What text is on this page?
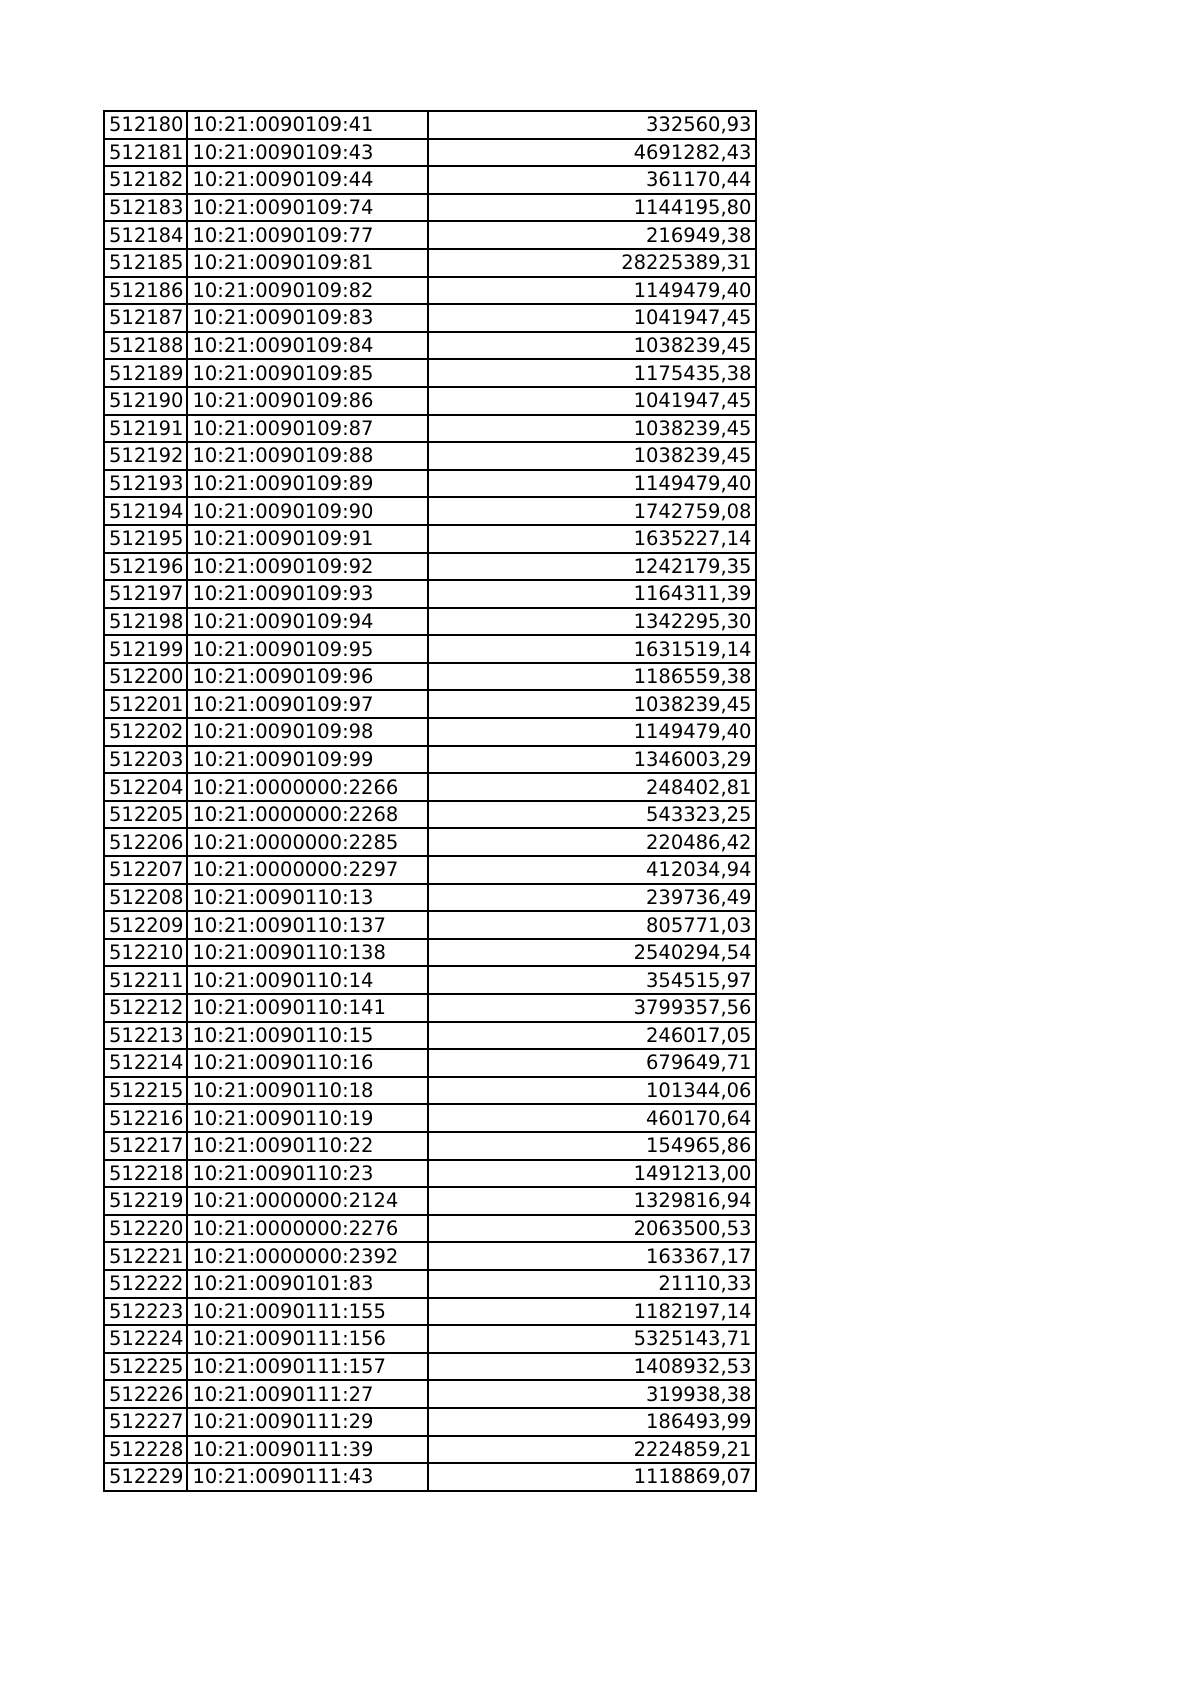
512180	10:21:0090109:41	332560,93
512181	10:21:0090109:43	4691282,43
512182	10:21:0090109:44	361170,44
512183	10:21:0090109:74	1144195,80
512184	10:21:0090109:77	216949,38
512185	10:21:0090109:81	28225389,31
512186	10:21:0090109:82	1149479,40
512187	10:21:0090109:83	1041947,45
512188	10:21:0090109:84	1038239,45
512189	10:21:0090109:85	1175435,38
512190	10:21:0090109:86	1041947,45
512191	10:21:0090109:87	1038239,45
512192	10:21:0090109:88	1038239,45
512193	10:21:0090109:89	1149479,40
512194	10:21:0090109:90	1742759,08
512195	10:21:0090109:91	1635227,14
512196	10:21:0090109:92	1242179,35
512197	10:21:0090109:93	1164311,39
512198	10:21:0090109:94	1342295,30
512199	10:21:0090109:95	1631519,14
512200	10:21:0090109:96	1186559,38
512201	10:21:0090109:97	1038239,45
512202	10:21:0090109:98	1149479,40
512203	10:21:0090109:99	1346003,29
512204	10:21:0000000:2266	248402,81
512205	10:21:0000000:2268	543323,25
512206	10:21:0000000:2285	220486,42
512207	10:21:0000000:2297	412034,94
512208	10:21:0090110:13	239736,49
512209	10:21:0090110:137	805771,03
512210	10:21:0090110:138	2540294,54
512211	10:21:0090110:14	354515,97
512212	10:21:0090110:141	3799357,56
512213	10:21:0090110:15	246017,05
512214	10:21:0090110:16	679649,71
512215	10:21:0090110:18	101344,06
512216	10:21:0090110:19	460170,64
512217	10:21:0090110:22	154965,86
512218	10:21:0090110:23	1491213,00
512219	10:21:0000000:2124	1329816,94
512220	10:21:0000000:2276	2063500,53
512221	10:21:0000000:2392	163367,17
512222	10:21:0090101:83	21110,33
512223	10:21:0090111:155	1182197,14
512224	10:21:0090111:156	5325143,71
512225	10:21:0090111:157	1408932,53
512226	10:21:0090111:27	319938,38
512227	10:21:0090111:29	186493,99
512228	10:21:0090111:39	2224859,21
512229	10:21:0090111:43	1118869,07
